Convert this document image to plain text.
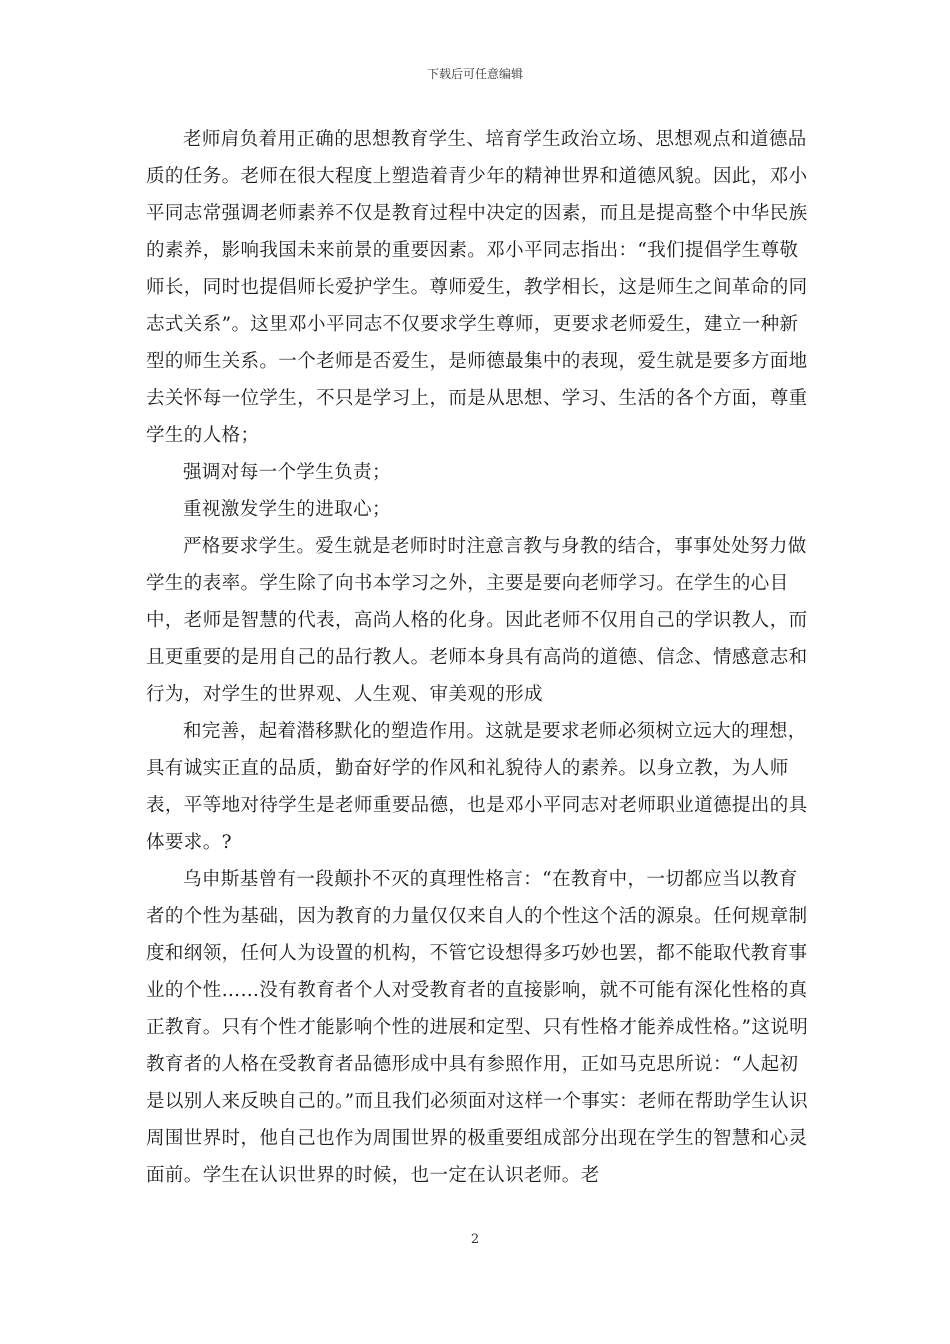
下载后可任意编辑

老师肩负着用正确的思想教育学生、培育学生政治立场、思想观点和道德品质的任务。老师在很大程度上塑造着青少年的精神世界和道德风貌。因此，邓小平同志常强调老师素养不仅是教育过程中决定的因素，而且是提高整个中华民族的素养，影响我国未来前景的重要因素。邓小平同志指出：“我们提倡学生尊敬师长，同时也提倡师长爱护学生。尊师爱生，教学相长，这是师生之间革命的同志式关系”。这里邓小平同志不仅要求学生尊师，更要求老师爱生，建立一种新型的师生关系。一个老师是否爱生，是师德最集中的表现，爱生就是要多方面地去关怀每一位学生，不只是学习上，而是从思想、学习、生活的各个方面，尊重学生的人格；

强调对每一个学生负责；

重视激发学生的进取心；

严格要求学生。爱生就是老师时时注意言教与身教的结合，事事处处努力做学生的表率。学生除了向书本学习之外，主要是要向老师学习。在学生的心目中，老师是智慧的代表，高尚人格的化身。因此老师不仅用自己的学识教人，而且更重要的是用自己的品行教人。老师本身具有高尚的道德、信念、情感意志和行为，对学生的世界观、人生观、审美观的形成

和完善，起着潜移默化的塑造作用。这就是要求老师必须树立远大的理想，具有诚实正直的品质，勤奋好学的作风和礼貌待人的素养。以身立教，为人师表，平等地对待学生是老师重要品德，也是邓小平同志对老师职业道德提出的具体要求。?

乌申斯基曾有一段颠扑不灭的真理性格言：“在教育中，一切都应当以教育者的个性为基础，因为教育的力量仅仅来自人的个性这个活的源泉。任何规章制度和纲领，任何人为设置的机构，不管它设想得多巧妙也罢，都不能取代教育事业的个性……没有教育者个人对受教育者的直接影响，就不可能有深化性格的真正教育。只有个性才能影响个性的进展和定型、只有性格才能养成性格。”这说明教育者的人格在受教育者品德形成中具有参照作用，正如马克思所说：“人起初是以别人来反映自己的。”而且我们必须面对这样一个事实：老师在帮助学生认识周围世界时，他自己也作为周围世界的极重要组成部分出现在学生的智慧和心灵面前。学生在认识世界的时候，也一定在认识老师。老

2
